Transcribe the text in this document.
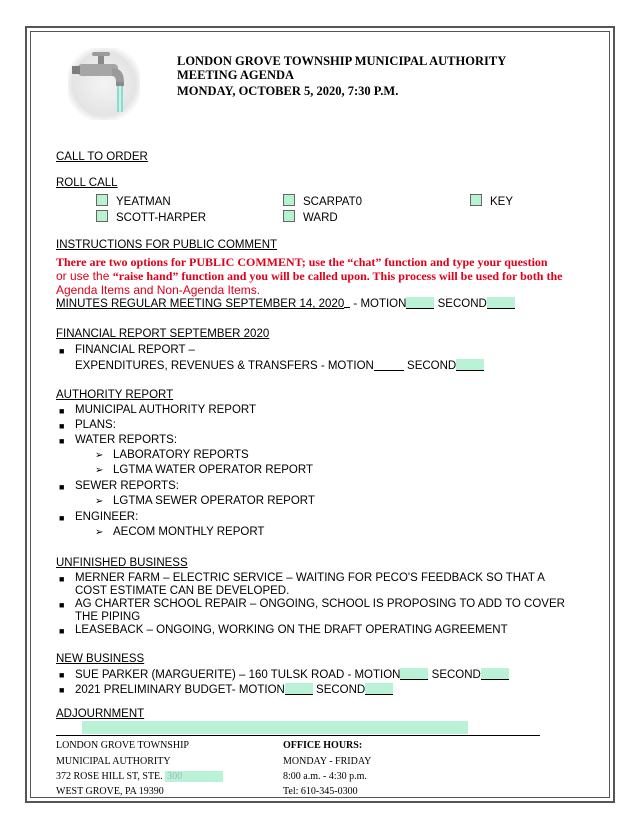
LONDON GROVE TOWNSHIP MUNICIPAL AUTHORITY
MEETING AGENDA
MONDAY, OCTOBER 5, 2020, 7:30 P.M.
CALL TO ORDER
ROLL CALL
YEATMAN	SCARPAT0	KEY
SCOTT-HARPER	WARD
INSTRUCTIONS FOR PUBLIC COMMENT
There are two options for PUBLIC COMMENT; use the “chat” function and type your question
or use the “raise hand” function and you will be called upon. This process will be used for both the
Agenda Items and Non-Agenda Items.
MINUTES REGULAR MEETING SEPTEMBER 14, 2020 - MOTION SECOND
FINANCIAL REPORT SEPTEMBER 2020
■ FINANCIAL REPORT –
EXPENDITURES, REVENUES & TRANSFERS - MOTION	SECOND
AUTHORITY REPORT
■ MUNICIPAL AUTHORITY REPORT
■ PLANS:
■ WATER REPORTS:
➢ LABORATORY REPORTS
➢ LGTMA WATER OPERATOR REPORT
■ SEWER REPORTS:
➢ LGTMA SEWER OPERATOR REPORT
■ ENGINEER:
➢ AECOM MONTHLY REPORT
UNFINISHED BUSINESS
■ MERNER FARM – ELECTRIC SERVICE – WAITING FOR PECO'S FEEDBACK SO THAT A
COST ESTIMATE CAN BE DEVELOPED.
■ AG CHARTER SCHOOL REPAIR – ONGOING, SCHOOL IS PROPOSING TO ADD TO COVER
THE PIPING
■ LEASEBACK – ONGOING, WORKING ON THE DRAFT OPERATING AGREEMENT
NEW BUSINESS
■ SUE PARKER (MARGUERITE) – 160 TULSK ROAD - MOTION SECOND
■ 2021 PRELIMINARY BUDGET- MOTION SECOND
ADJOURNMENT
LONDON GROVE TOWNSHIP
MUNICIPAL AUTHORITY
372 ROSE HILL ST, STE. 300
WEST GROVE, PA 19390
OFFICE HOURS:
MONDAY - FRIDAY
8:00 a.m. - 4:30 p.m.
Tel: 610-345-0300
